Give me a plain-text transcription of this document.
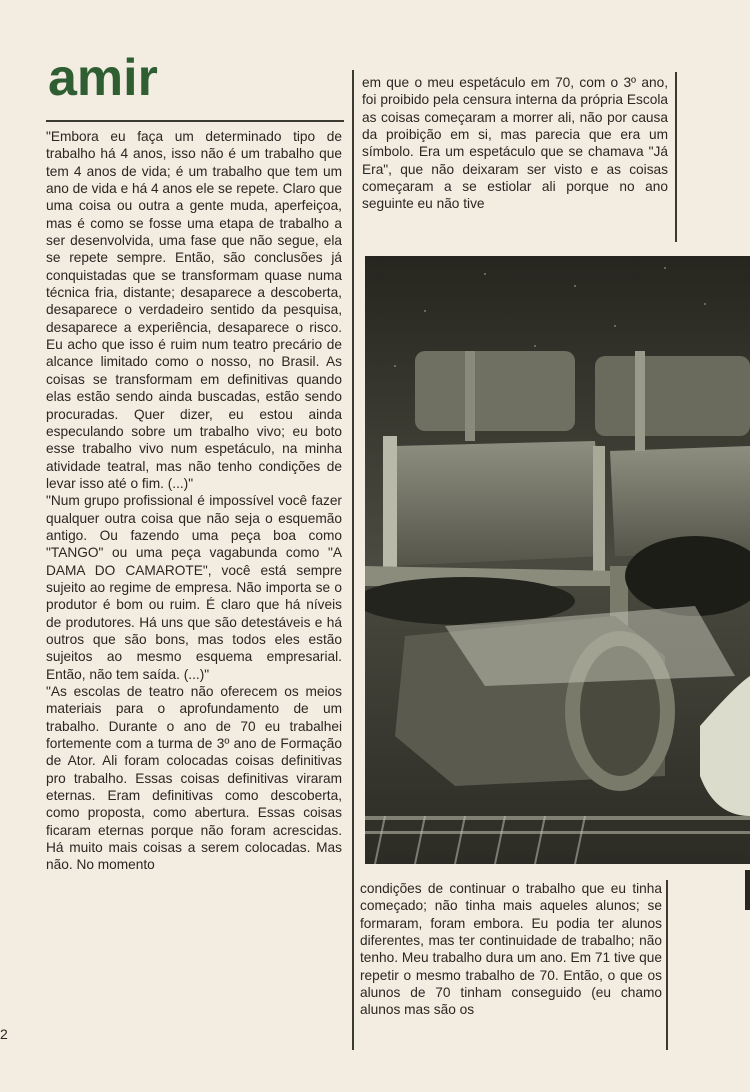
amir

"Embora eu faça um determinado tipo de trabalho há 4 anos, isso não é um trabalho que tem 4 anos de vida; é um trabalho que tem um ano de vida e há 4 anos ele se repete. Claro que uma coisa ou outra a gente muda, aperfeiçoa, mas é como se fosse uma etapa de trabalho a ser desenvolvida, uma fase que não segue, ela se repete sempre. Então, são conclusões já conquistadas que se transformam quase numa técnica fria, distante; desaparece a descoberta, desaparece o verdadeiro sentido da pesquisa, desaparece a experiência, desaparece o risco. Eu acho que isso é ruim num teatro precário de alcance limitado como o nosso, no Brasil. As coisas se transformam em definitivas quando elas estão sendo ainda buscadas, estão sendo procuradas. Quer dizer, eu estou ainda especulando sobre um trabalho vivo; eu boto esse trabalho vivo num espetáculo, na minha atividade teatral, mas não tenho condições de levar isso até o fim. (...)"

"Num grupo profissional é impossível você fazer qualquer outra coisa que não seja o esquemão antigo. Ou fazendo uma peça boa como "TANGO" ou uma peça vagabunda como "A DAMA DO CAMAROTE", você está sempre sujeito ao regime de empresa. Não importa se o produtor é bom ou ruim. É claro que há níveis de produtores. Há uns que são detestáveis e há outros que são bons, mas todos eles estão sujeitos ao mesmo esquema empresarial. Então, não tem saída. (...)"

"As escolas de teatro não oferecem os meios materiais para o aprofundamento de um trabalho. Durante o ano de 70 eu trabalhei fortemente com a turma de 3º ano de Formação de Ator. Ali foram colocadas coisas definitivas pro trabalho. Essas coisas definitivas viraram eternas. Eram definitivas como descoberta, como proposta, como abertura. Essas coisas ficaram eternas porque não foram acrescidas. Há muito mais coisas a serem colocadas. Mas não. No momento

em que o meu espetáculo em 70, com o 3º ano, foi proibido pela censura interna da própria Escola as coisas começaram a morrer ali, não por causa da proibição em si, mas parecia que era um símbolo. Era um espetáculo que se chamava "Já Era", que não deixaram ser visto e as coisas começaram a se estiolar ali porque no ano seguinte eu não tive

condições de continuar o trabalho que eu tinha começado; não tinha mais aqueles alunos; se formaram, foram embora. Eu podia ter alunos diferentes, mas ter continuidade de trabalho; não tenho. Meu trabalho dura um ano. Em 71 tive que repetir o mesmo trabalho de 70. Então, o que os alunos de 70 tinham conseguido (eu chamo alunos mas são os

2
